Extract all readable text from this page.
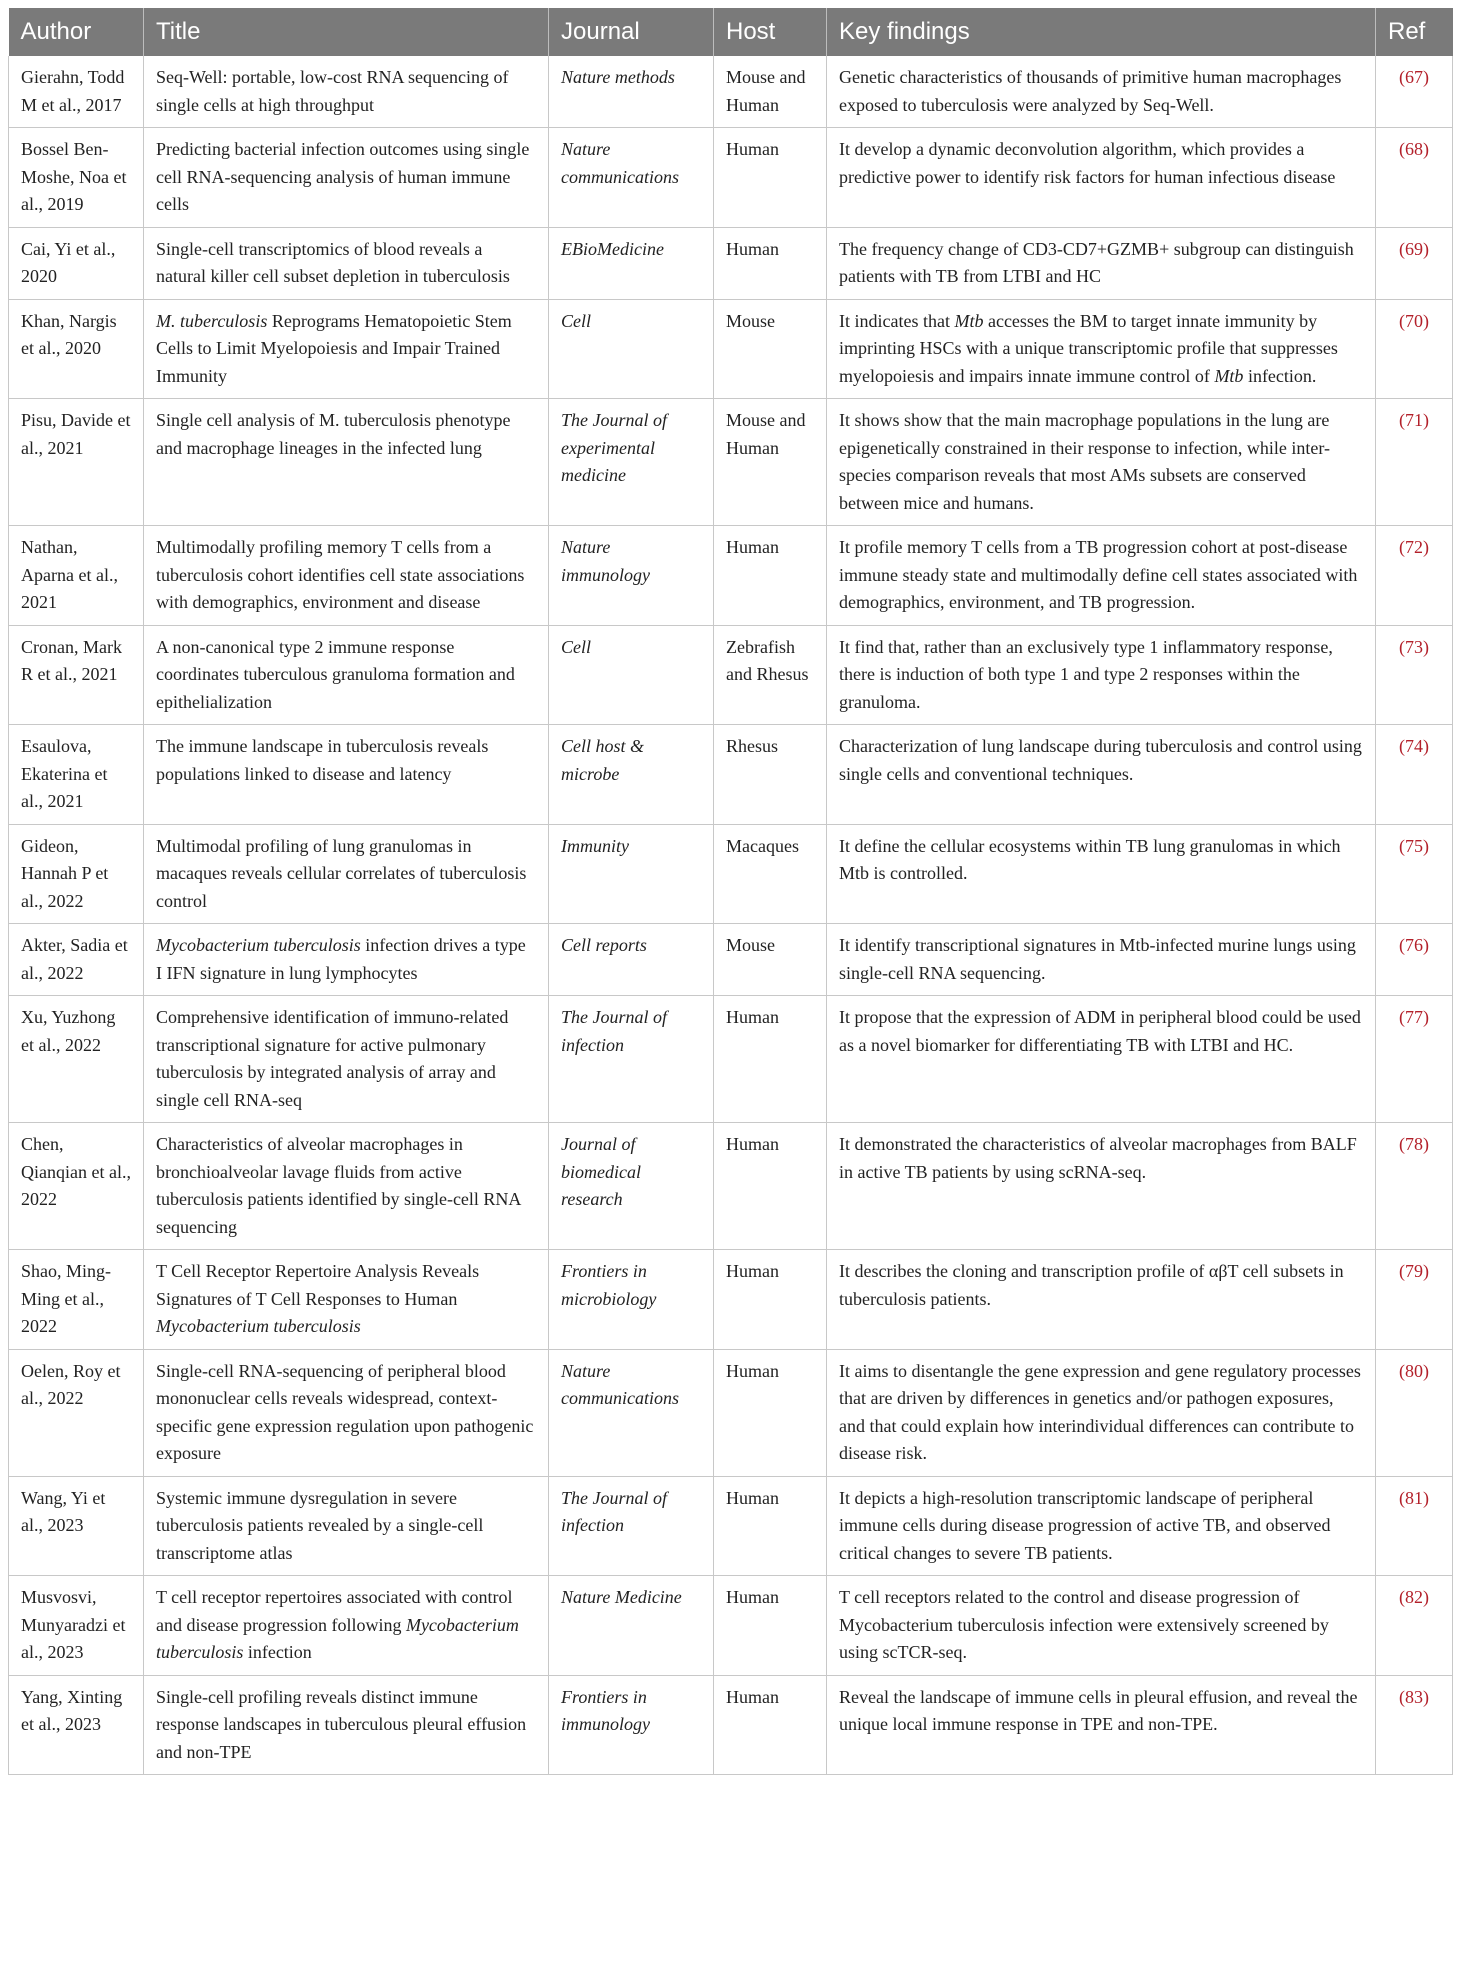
Author	Title	Journal	Host	Key findings	Ref
Gierahn, Todd M et al., 2017	Seq-Well: portable, low-cost RNA sequencing of single cells at high throughput	Nature methods	Mouse and Human	Genetic characteristics of thousands of primitive human macrophages exposed to tuberculosis were analyzed by Seq-Well.	(67)
Bossel Ben-Moshe, Noa et al., 2019	Predicting bacterial infection outcomes using single cell RNA-sequencing analysis of human immune cells	Nature communications	Human	It develop a dynamic deconvolution algorithm, which provides a predictive power to identify risk factors for human infectious disease	(68)
Cai, Yi et al., 2020	Single-cell transcriptomics of blood reveals a natural killer cell subset depletion in tuberculosis	EBioMedicine	Human	The frequency change of CD3-CD7+GZMB+ subgroup can distinguish patients with TB from LTBI and HC	(69)
Khan, Nargis et al., 2020	M. tuberculosis Reprograms Hematopoietic Stem Cells to Limit Myelopoiesis and Impair Trained Immunity	Cell	Mouse	It indicates that Mtb accesses the BM to target innate immunity by imprinting HSCs with a unique transcriptomic profile that suppresses myelopoiesis and impairs innate immune control of Mtb infection.	(70)
Pisu, Davide et al., 2021	Single cell analysis of M. tuberculosis phenotype and macrophage lineages in the infected lung	The Journal of experimental medicine	Mouse and Human	It shows show that the main macrophage populations in the lung are epigenetically constrained in their response to infection, while inter-species comparison reveals that most AMs subsets are conserved between mice and humans.	(71)
Nathan, Aparna et al., 2021	Multimodally profiling memory T cells from a tuberculosis cohort identifies cell state associations with demographics, environment and disease	Nature immunology	Human	It profile memory T cells from a TB progression cohort at post-disease immune steady state and multimodally define cell states associated with demographics, environment, and TB progression.	(72)
Cronan, Mark R et al., 2021	A non-canonical type 2 immune response coordinates tuberculous granuloma formation and epithelialization	Cell	Zebrafish and Rhesus	It find that, rather than an exclusively type 1 inflammatory response, there is induction of both type 1 and type 2 responses within the granuloma.	(73)
Esaulova, Ekaterina et al., 2021	The immune landscape in tuberculosis reveals populations linked to disease and latency	Cell host & microbe	Rhesus	Characterization of lung landscape during tuberculosis and control using single cells and conventional techniques.	(74)
Gideon, Hannah P et al., 2022	Multimodal profiling of lung granulomas in macaques reveals cellular correlates of tuberculosis control	Immunity	Macaques	It define the cellular ecosystems within TB lung granulomas in which Mtb is controlled.	(75)
Akter, Sadia et al., 2022	Mycobacterium tuberculosis infection drives a type I IFN signature in lung lymphocytes	Cell reports	Mouse	It identify transcriptional signatures in Mtb-infected murine lungs using single-cell RNA sequencing.	(76)
Xu, Yuzhong et al., 2022	Comprehensive identification of immuno-related transcriptional signature for active pulmonary tuberculosis by integrated analysis of array and single cell RNA-seq	The Journal of infection	Human	It propose that the expression of ADM in peripheral blood could be used as a novel biomarker for differentiating TB with LTBI and HC.	(77)
Chen, Qianqian et al., 2022	Characteristics of alveolar macrophages in bronchioalveolar lavage fluids from active tuberculosis patients identified by single-cell RNA sequencing	Journal of biomedical research	Human	It demonstrated the characteristics of alveolar macrophages from BALF in active TB patients by using scRNA-seq.	(78)
Shao, Ming-Ming et al., 2022	T Cell Receptor Repertoire Analysis Reveals Signatures of T Cell Responses to Human Mycobacterium tuberculosis	Frontiers in microbiology	Human	It describes the cloning and transcription profile of αβT cell subsets in tuberculosis patients.	(79)
Oelen, Roy et al., 2022	Single-cell RNA-sequencing of peripheral blood mononuclear cells reveals widespread, context-specific gene expression regulation upon pathogenic exposure	Nature communications	Human	It aims to disentangle the gene expression and gene regulatory processes that are driven by differences in genetics and/or pathogen exposures, and that could explain how interindividual differences can contribute to disease risk.	(80)
Wang, Yi et al., 2023	Systemic immune dysregulation in severe tuberculosis patients revealed by a single-cell transcriptome atlas	The Journal of infection	Human	It depicts a high-resolution transcriptomic landscape of peripheral immune cells during disease progression of active TB, and observed critical changes to severe TB patients.	(81)
Musvosvi, Munyaradzi et al., 2023	T cell receptor repertoires associated with control and disease progression following Mycobacterium tuberculosis infection	Nature Medicine	Human	T cell receptors related to the control and disease progression of Mycobacterium tuberculosis infection were extensively screened by using scTCR-seq.	(82)
Yang, Xinting et al., 2023	Single-cell profiling reveals distinct immune response landscapes in tuberculous pleural effusion and non-TPE	Frontiers in immunology	Human	Reveal the landscape of immune cells in pleural effusion, and reveal the unique local immune response in TPE and non-TPE.	(83)
